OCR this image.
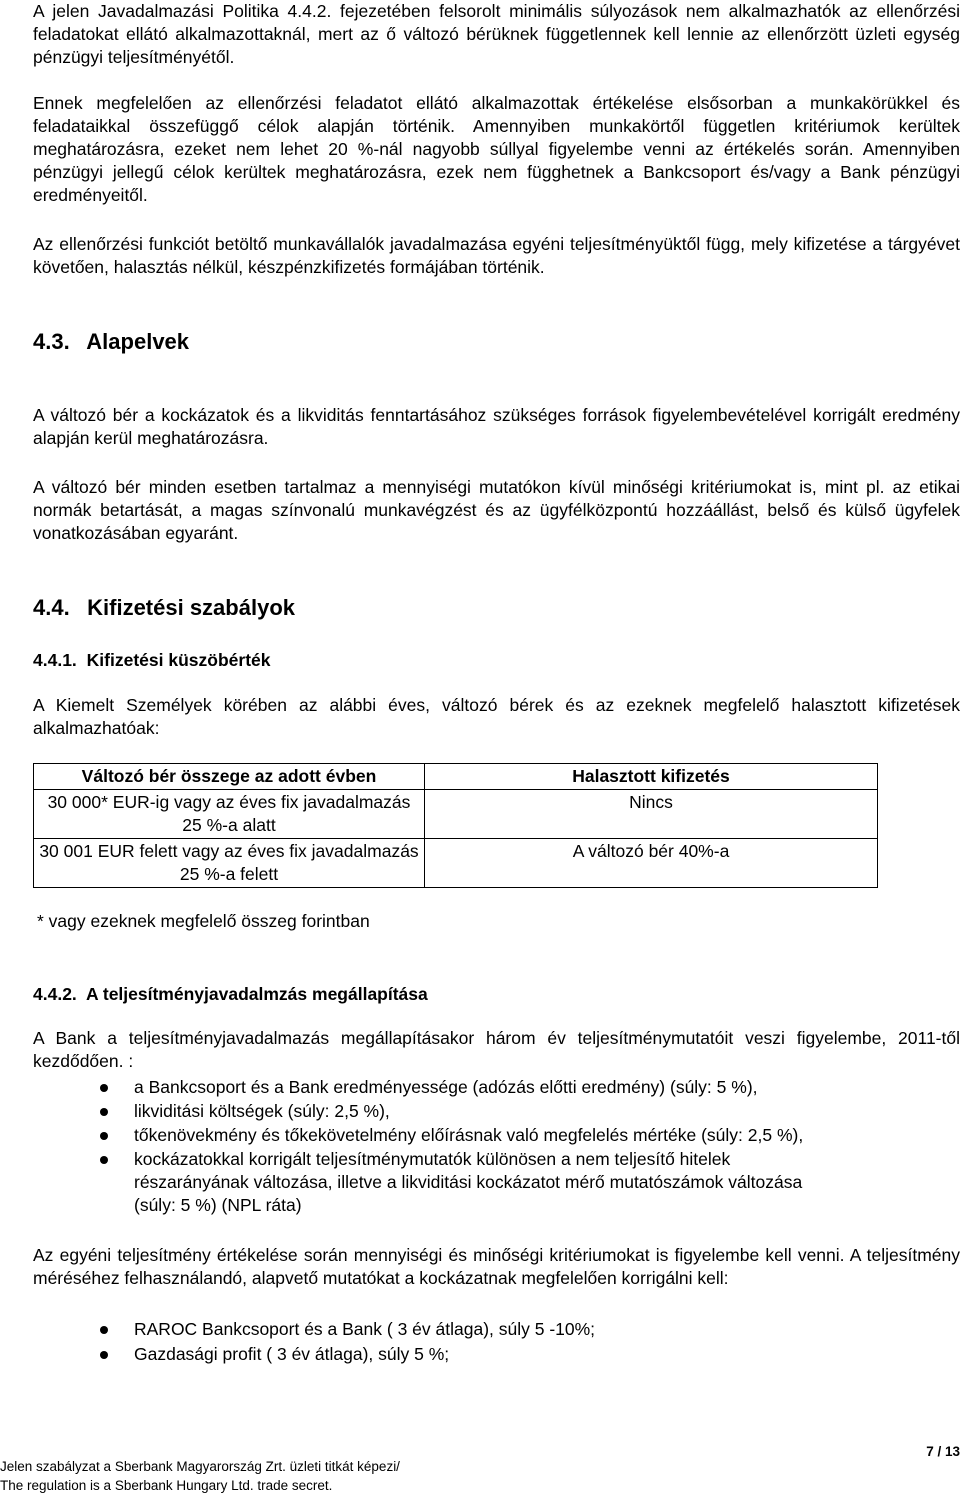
A jelen Javadalmazási Politika 4.4.2. fejezetében felsorolt minimális súlyozások nem alkalmazhatók az ellenőrzési feladatokat ellátó alkalmazottaknál, mert az ő változó bérüknek függetlennek kell lennie az ellenőrzött üzleti egység pénzügyi teljesítményétől.

Ennek megfelelően az ellenőrzési feladatot ellátó alkalmazottak értékelése elsősorban a munkakörükkel és feladataikkal összefüggő célok alapján történik. Amennyiben munkakörtől független kritériumok kerültek meghatározásra, ezeket nem lehet 20 %-nál nagyobb súllyal figyelembe venni az értékelés során. Amennyiben pénzügyi jellegű célok kerültek meghatározásra, ezek nem függhetnek a Bankcsoport és/vagy a Bank pénzügyi eredményeitől.

Az ellenőrzési funkciót betöltő munkavállalók javadalmazása egyéni teljesítményüktől függ, mely kifizetése a tárgyévet követően, halasztás nélkül, készpénzkifizetés formájában történik.

4.3. Alapelvek

A változó bér a kockázatok és a likviditás fenntartásához szükséges források figyelembevételével korrigált eredmény alapján kerül meghatározásra.

A változó bér minden esetben tartalmaz a mennyiségi mutatókon kívül minőségi kritériumokat is, mint pl. az etikai normák betartását, a magas színvonalú munkavégzést és az ügyfélközpontú hozzáállást, belső és külső ügyfelek vonatkozásában egyaránt.

4.4. Kifizetési szabályok
4.4.1. Kifizetési küszöbérték

A Kiemelt Személyek körében az alábbi éves, változó bérek és az ezeknek megfelelő halasztott kifizetések alkalmazhatóak:

Változó bér összege az adott évben	Halasztott kifizetés
30 000* EUR-ig vagy az éves fix javadalmazás 25 %-a alatt	Nincs
30 001 EUR felett vagy az éves fix javadalmazás 25 %-a felett	A változó bér 40%-a

* vagy ezeknek megfelelő összeg forintban

4.4.2. A teljesítményjavadalmzás megállapítása

A Bank a teljesítményjavadalmazás megállapításakor három év teljesítménymutatóit veszi figyelembe, 2011-től kezdődően. :

a Bankcsoport és a Bank eredményessége (adózás előtti eredmény) (súly: 5 %),
likviditási költségek (súly: 2,5 %),
tőkenövekmény és tőkekövetelmény előírásnak való megfelelés mértéke (súly: 2,5 %),
kockázatokkal korrigált teljesítménymutatók különösen a nem teljesítő hitelek részarányának változása, illetve a likviditási kockázatot mérő mutatószámok változása (súly: 5 %) (NPL ráta)

Az egyéni teljesítmény értékelése során mennyiségi és minőségi kritériumokat is figyelembe kell venni. A teljesítmény méréséhez felhasználandó, alapvető mutatókat a kockázatnak megfelelően korrigálni kell:

RAROC Bankcsoport és a Bank ( 3 év átlaga), súly 5 -10%;
Gazdasági profit ( 3 év átlaga), súly 5 %;
Jelen szabályzat a Sberbank Magyarország Zrt. üzleti titkát képezi/
The regulation is a Sberbank Hungary Ltd. trade secret.
7 / 13
